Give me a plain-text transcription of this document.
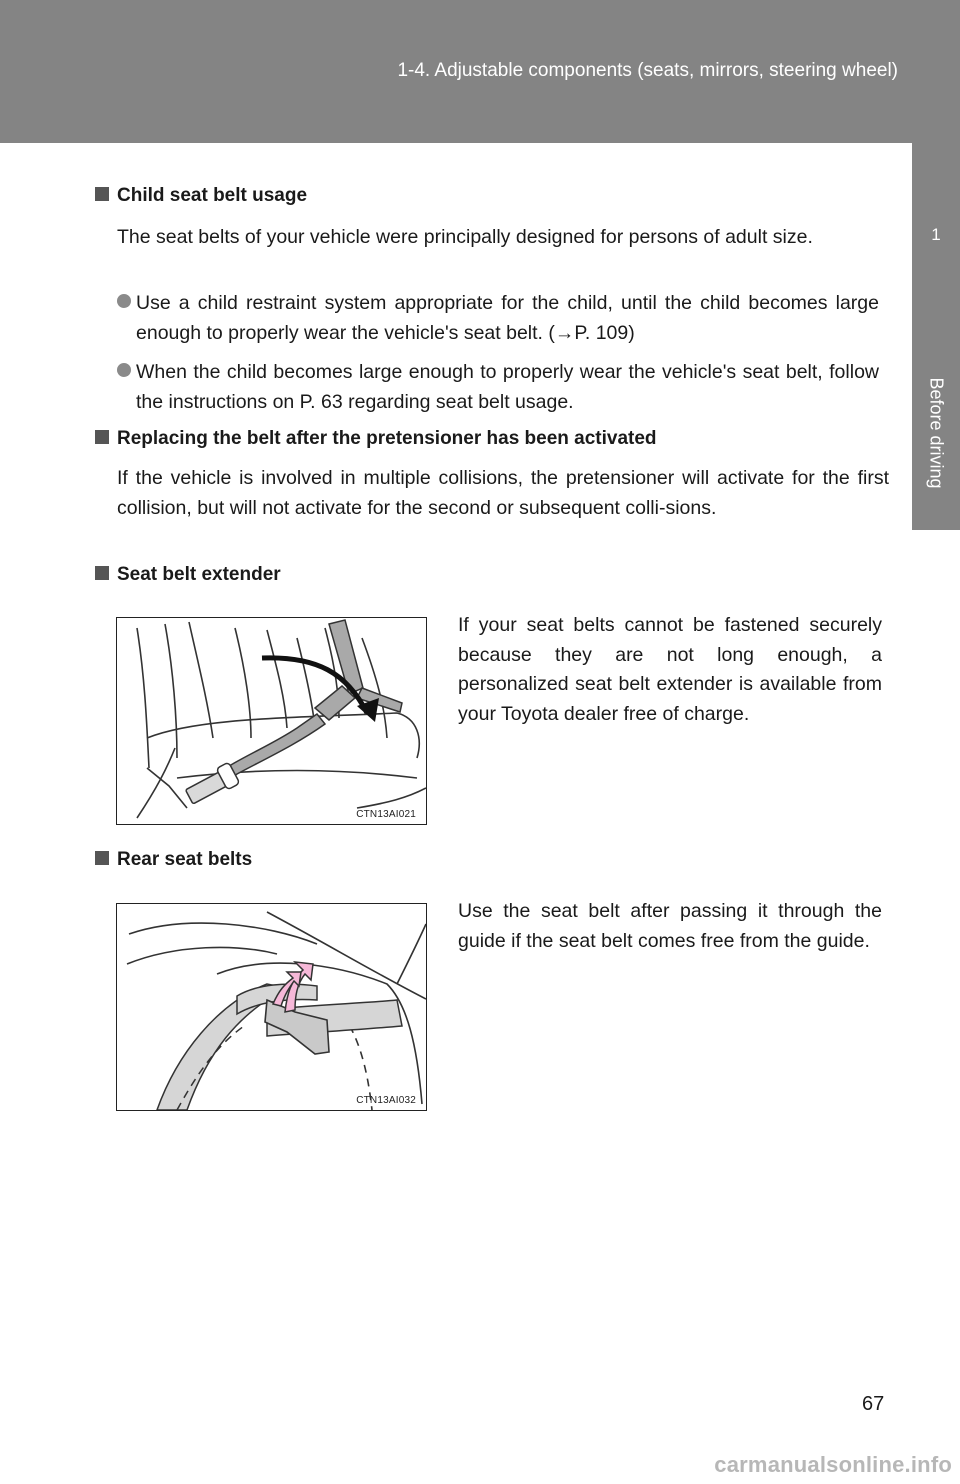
1-4. Adjustable components (seats, mirrors, steering wheel)
1
Before driving
Child seat belt usage
The seat belts of your vehicle were principally designed for persons of adult size.
Use a child restraint system appropriate for the child, until the child becomes large enough to properly wear the vehicle's seat belt. (→P. 109)
When the child becomes large enough to properly wear the vehicle's seat belt, follow the instructions on P. 63 regarding seat belt usage.
Replacing the belt after the pretensioner has been activated
If the vehicle is involved in multiple collisions, the pretensioner will activate for the first collision, but will not activate for the second or subsequent colli-sions.
Seat belt extender
CTN13AI021
If your seat belts cannot be fastened securely because they are not long enough, a personalized seat belt extender is available from your Toyota dealer free of charge.
Rear seat belts
CTN13AI032
Use the seat belt after passing it through the guide if the seat belt comes free from the guide.
67
carmanualsonline.info
